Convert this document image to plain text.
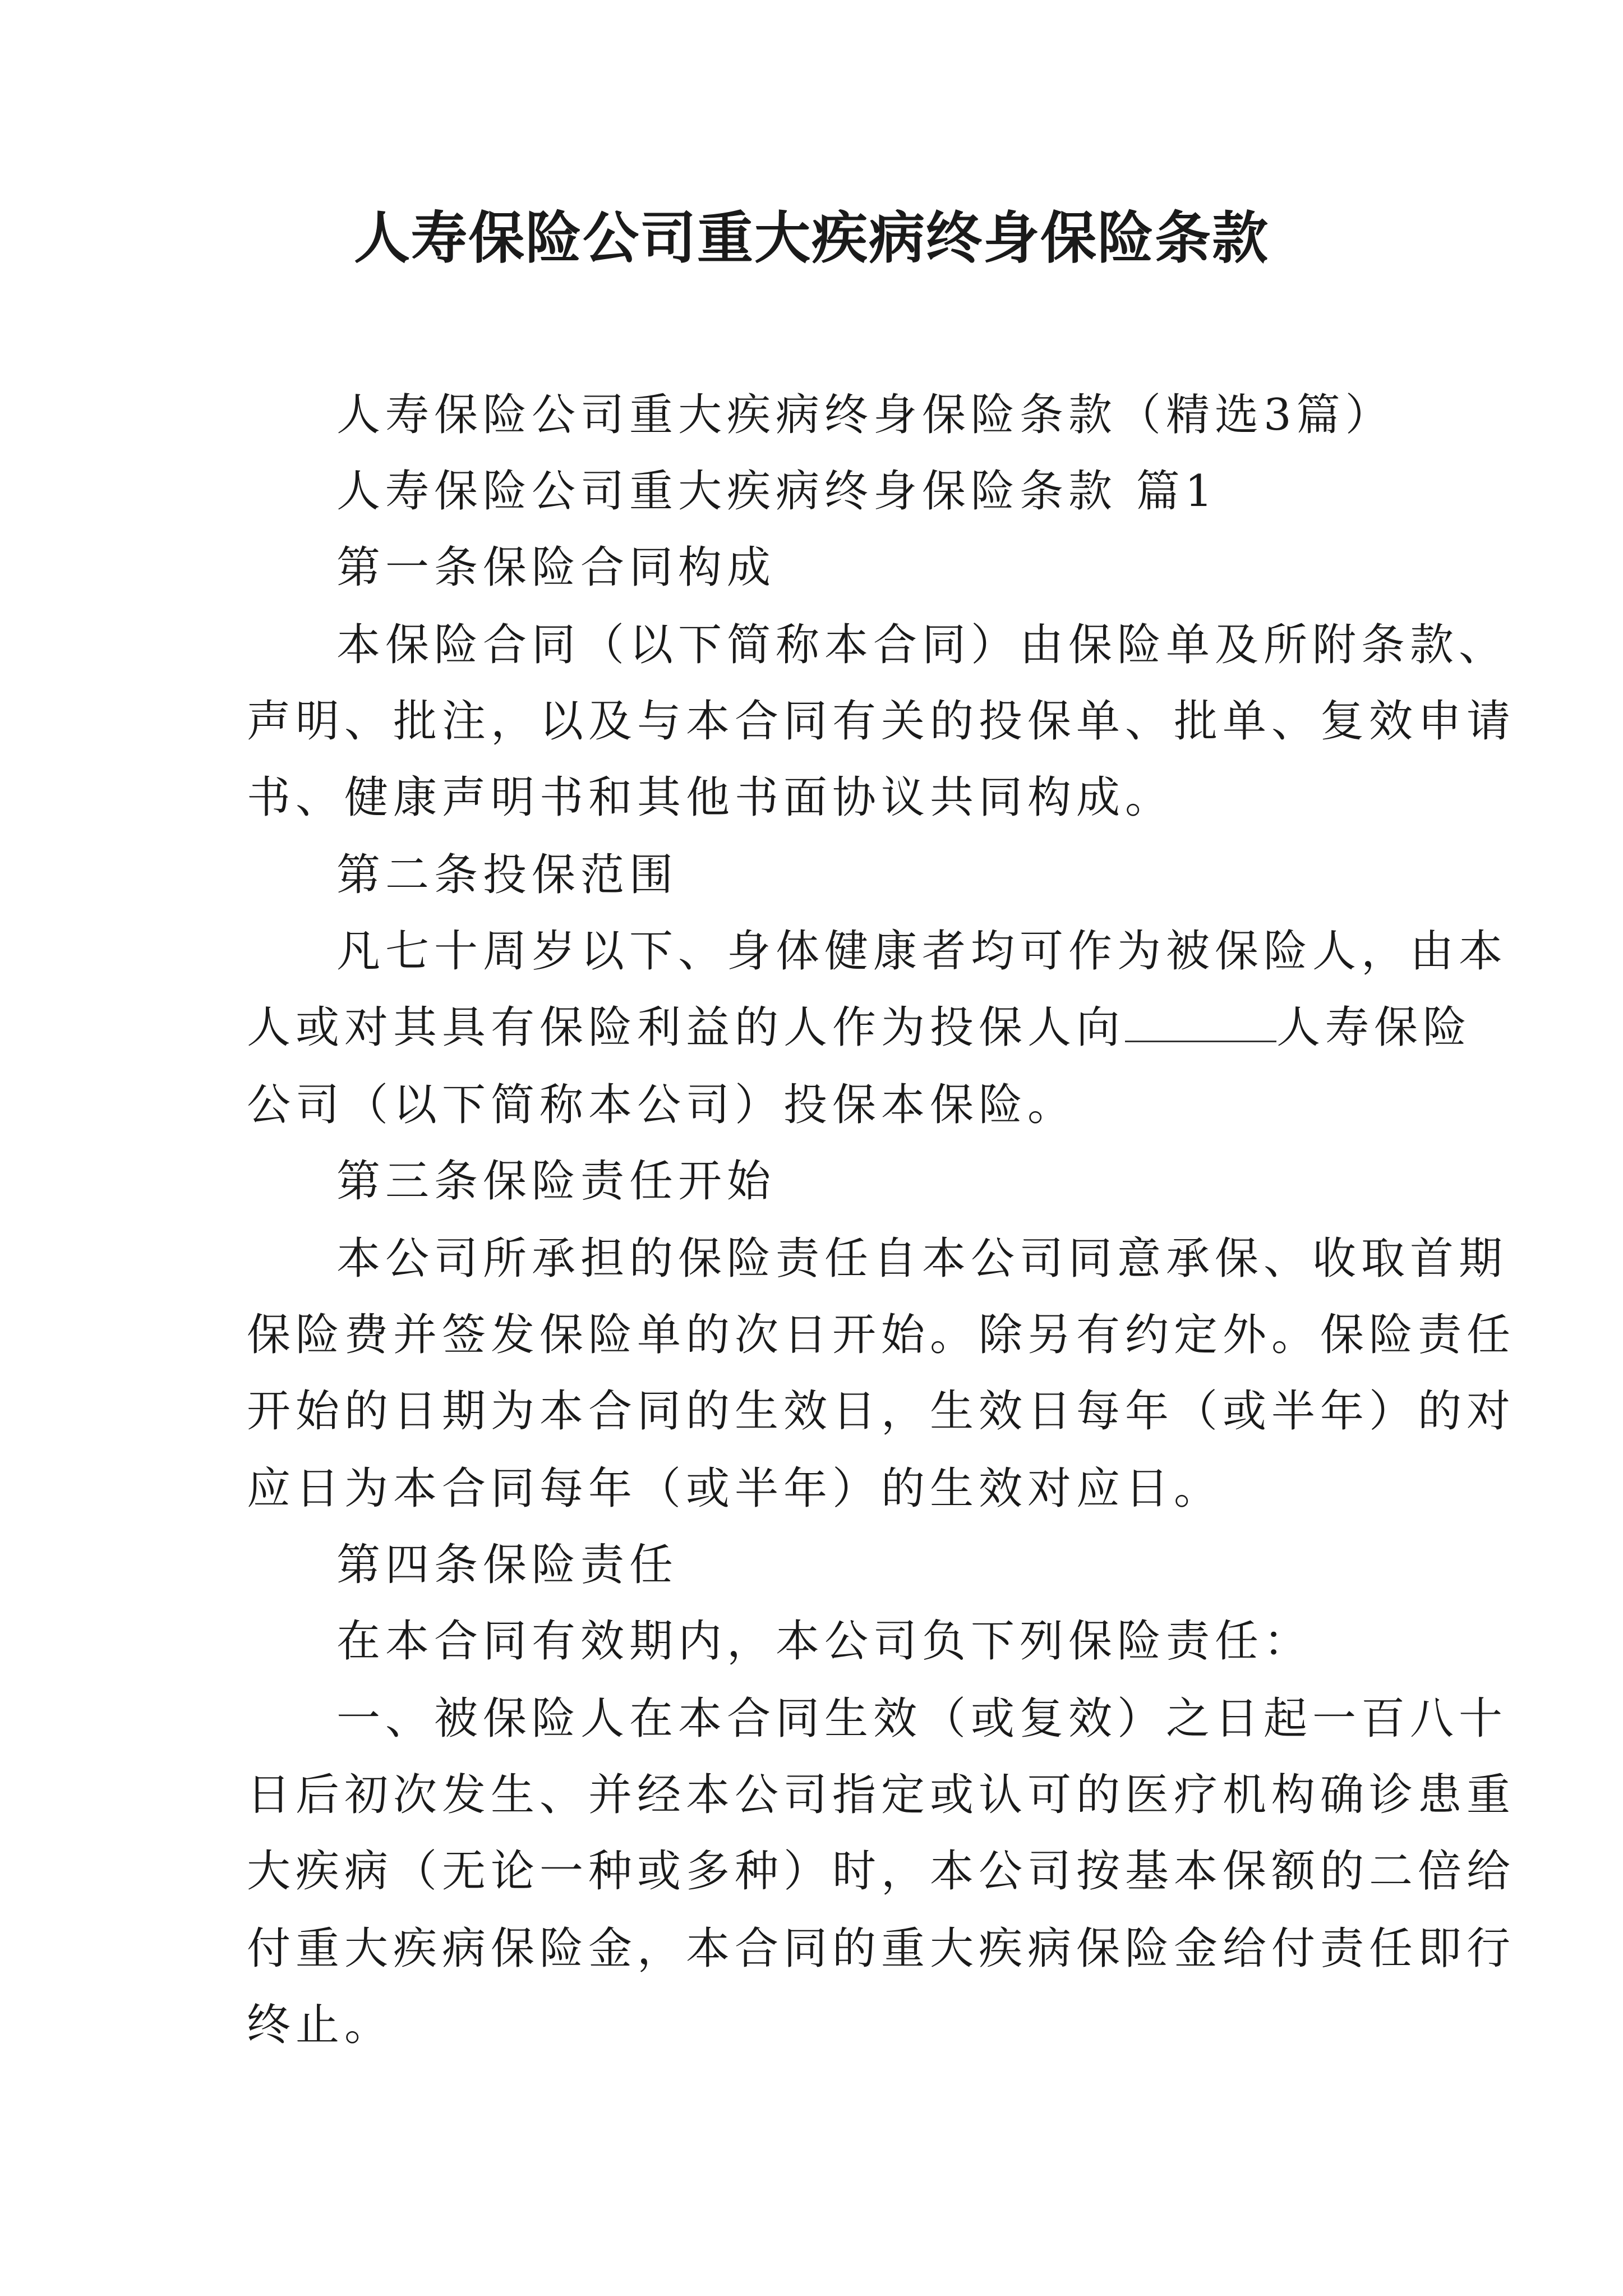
人寿保险公司重大疾病终身保险条款
人寿保险公司重大疾病终身保险条款（精选3篇）
人寿保险公司重大疾病终身保险条款 篇1
第一条保险合同构成
本保险合同（以下简称本合同）由保险单及所附条款、
声明、批注，以及与本合同有关的投保单、批单、复效申请
书、健康声明书和其他书面协议共同构成。
第二条投保范围
凡七十周岁以下、身体健康者均可作为被保险人，由本
人或对其具有保险利益的人作为投保人向	人寿保险
公司（以下简称本公司）投保本保险。
第三条保险责任开始
本公司所承担的保险责任自本公司同意承保、收取首期
保险费并签发保险单的次日开始。除另有约定外。保险责任
开始的日期为本合同的生效日，生效日每年（或半年）的对
应日为本合同每年（或半年）的生效对应日。
第四条保险责任
在本合同有效期内，本公司负下列保险责任：
一、被保险人在本合同生效（或复效）之日起一百八十
日后初次发生、并经本公司指定或认可的医疗机构确诊患重
大疾病（无论一种或多种）时，本公司按基本保额的二倍给
付重大疾病保险金，本合同的重大疾病保险金给付责任即行
终止。
